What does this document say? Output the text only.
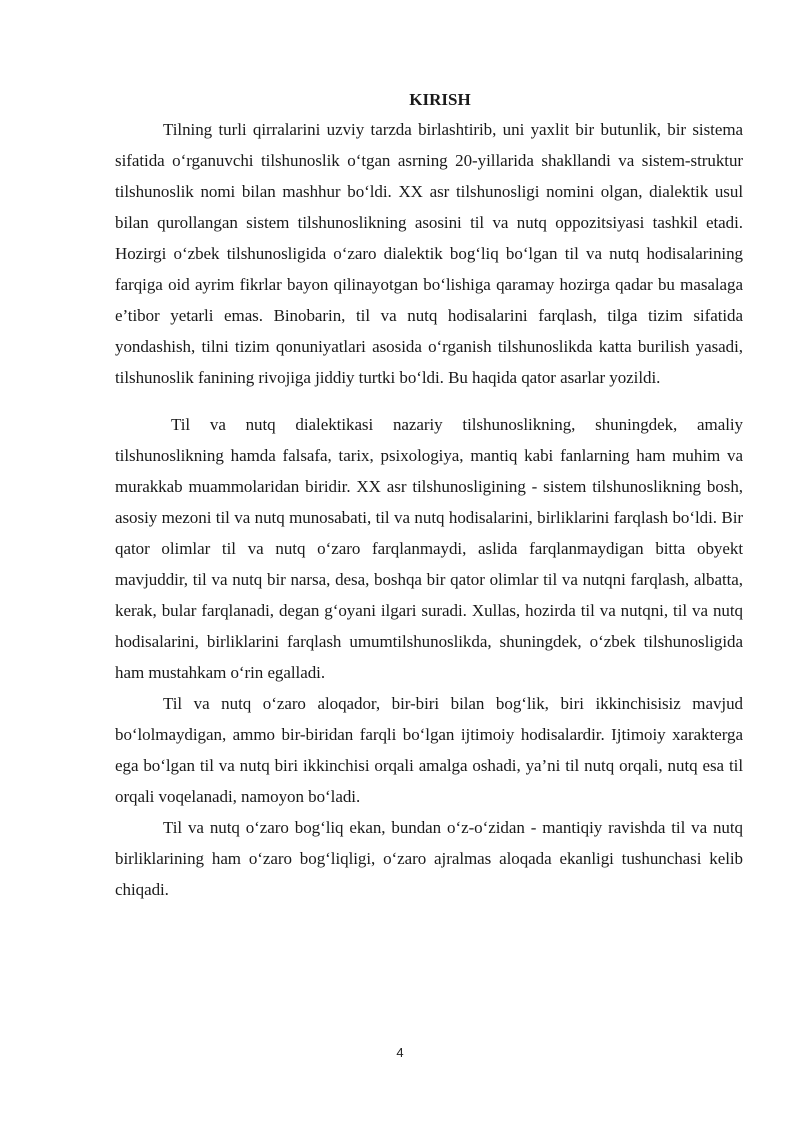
KIRISH

Tilning turli qirralarini uzviy tarzda birlashtirib, uni yaxlit bir butunlik, bir sistema sifatida o‘rganuvchi tilshunoslik o‘tgan asrning 20-yillarida shakllandi va sistem-struktur tilshunoslik nomi bilan mashhur bo‘ldi. XX asr tilshunosligi nomini olgan, dialektik usul bilan qurollangan sistem tilshunoslikning asosini til va nutq oppozitsiyasi tashkil etadi. Hozirgi o‘zbek tilshunosligida o‘zaro dialektik bog‘liq bo‘lgan til va nutq hodisalarining farqiga oid ayrim fikrlar bayon qilinayotgan bo‘lishiga qaramay hozirga qadar bu masalaga e’tibor yetarli emas. Binobarin, til va nutq hodisalarini farqlash, tilga tizim sifatida yondashish, tilni tizim qonuniyatlari asosida o‘rganish tilshunoslikda katta burilish yasadi, tilshunoslik fanining rivojiga jiddiy turtki bo‘ldi. Bu haqida qator asarlar yozildi.

Til va nutq dialektikasi nazariy tilshunoslikning, shuningdek, amaliy tilshunoslikning hamda falsafa, tarix, psixologiya, mantiq kabi fanlarning ham muhim va murakkab muammolaridan biridir. XX asr tilshunosligining - sistem tilshunoslikning bosh, asosiy mezoni til va nutq munosabati, til va nutq hodisalarini, birliklarini farqlash bo‘ldi. Bir qator olimlar til va nutq o‘zaro farqlanmaydi, aslida farqlanmaydigan bitta obyekt mavjuddir, til va nutq bir narsa, desa, boshqa bir qator olimlar til va nutqni farqlash, albatta, kerak, bular farqlanadi, degan g‘oyani ilgari suradi. Xullas, hozirda til va nutqni, til va nutq hodisalarini, birliklarini farqlash umumtilshunoslikda, shuningdek, o‘zbek tilshunosligida ham mustahkam o‘rin egalladi.

Til va nutq o‘zaro aloqador, bir-biri bilan bog‘lik, biri ikkinchisisiz mavjud bo‘lolmaydigan, ammo bir-biridan farqli bo‘lgan ijtimoiy hodisalardir. Ijtimoiy xarakterga ega bo‘lgan til va nutq biri ikkinchisi orqali amalga oshadi, ya’ni til nutq orqali, nutq esa til orqali voqelanadi, namoyon bo‘ladi.

Til va nutq o‘zaro bog‘liq ekan, bundan o‘z-o‘zidan - mantiqiy ravishda til va nutq birliklarining ham o‘zaro bog‘liqligi, o‘zaro ajralmas aloqada ekanligi tushunchasi kelib chiqadi.

4
